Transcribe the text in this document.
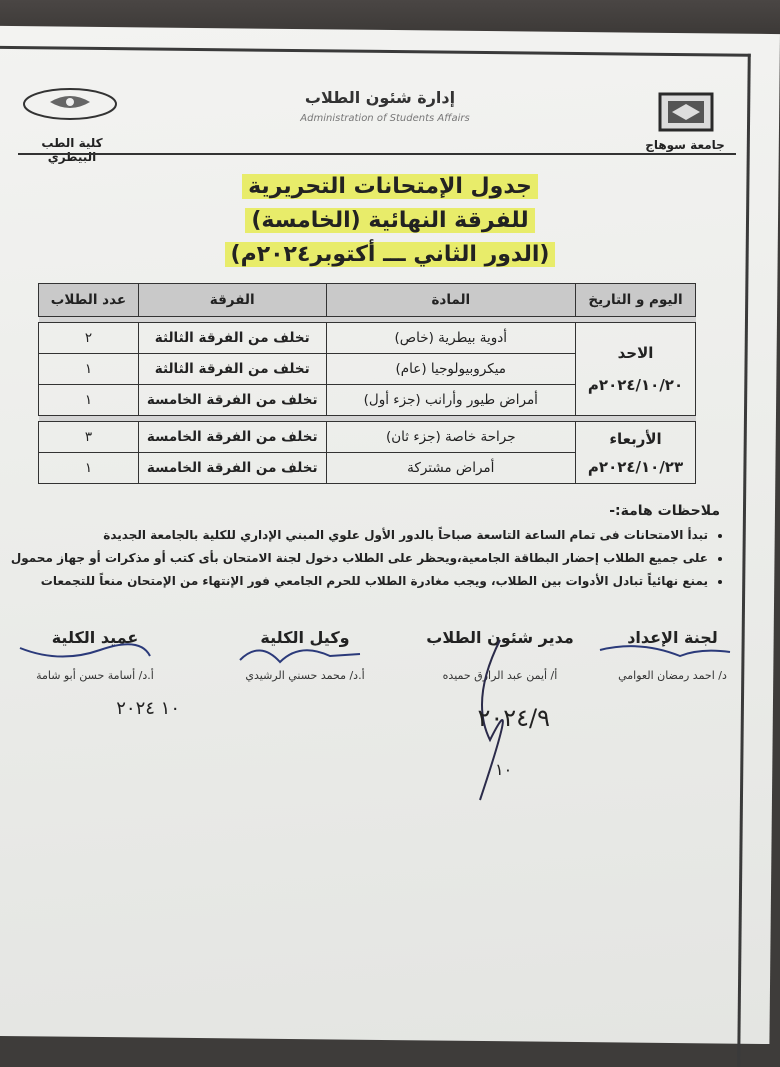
جامعة سوهاج
كلية الطب البيطري
إدارة شئون الطلاب
Administration of Students Affairs
جدول الإمتحانات التحريرية
للفرقة النهائية (الخامسة)
(الدور الثاني ـــ أكتوبر٢٠٢٤م)
اليوم و التاريخ	المادة	الفرقة	عدد الطلاب

الاحد
٢٠٢٤/١٠/٢٠م	أدوية بيطرية (خاص)	تخلف من الفرقة الثالثة	٢
	ميكروبيولوجيا (عام)	تخلف من الفرقة الثالثة	١
	أمراض طيور وأرانب (جزء أول)	تخلف من الفرقة الخامسة	١

الأربعاء
٢٠٢٤/١٠/٢٣م	جراحة خاصة (جزء ثان)	تخلف من الفرقة الخامسة	٣
	أمراض مشتركة	تخلف من الفرقة الخامسة	١
ملاحظات هامة:-
• تبدأ الامتحانات فى تمام الساعة التاسعة صباحاً بالدور الأول علوي المبني الإداري للكلية بالجامعة الجديدة
• على جميع الطلاب إحضار البطاقة الجامعية،ويحظر على الطلاب دخول لجنة الامتحان بأى كتب أو مذكرات أو جهاز محمول
• يمنع نهائياً تبادل الأدوات بين الطلاب، ويجب مغادرة الطلاب للحرم الجامعي فور الإنتهاء من الإمتحان منعاً للتجمعات
لجنة الإعداد
د/ احمد رمضان العوامي
مدير شئون الطلاب
أ/ أيمن عبد الرازق حميده
وكيل الكلية
أ.د/ محمد حسني الرشيدي
عميد الكلية
أ.د/ أسامة حسن أبو شامة
١٠ ٢٠٢٤	٢٠٢٤/٩
١٠
